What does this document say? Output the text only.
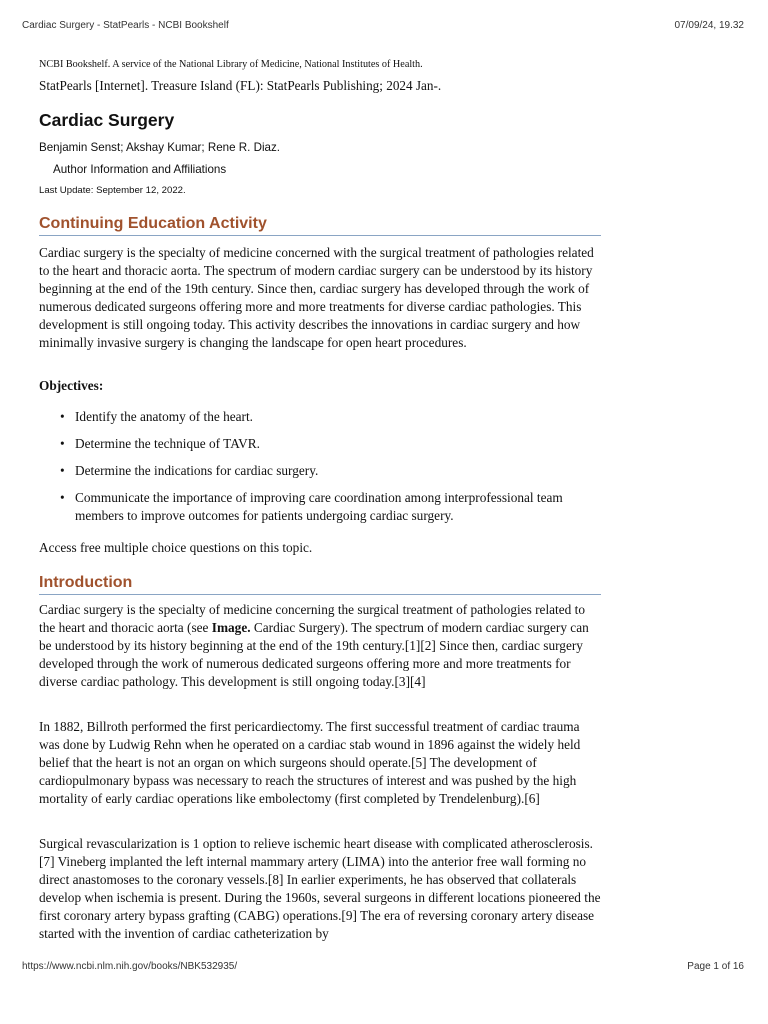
Cardiac Surgery - StatPearls - NCBI Bookshelf	07/09/24, 19.32
NCBI Bookshelf. A service of the National Library of Medicine, National Institutes of Health.
StatPearls [Internet]. Treasure Island (FL): StatPearls Publishing; 2024 Jan-.
Cardiac Surgery
Benjamin Senst; Akshay Kumar; Rene R. Diaz.
Author Information and Affiliations
Last Update: September 12, 2022.
Continuing Education Activity

Cardiac surgery is the specialty of medicine concerned with the surgical treatment of pathologies related to the heart and thoracic aorta. The spectrum of modern cardiac surgery can be understood by its history beginning at the end of the 19th century. Since then, cardiac surgery has developed through the work of numerous dedicated surgeons offering more and more treatments for diverse cardiac pathologies. This development is still ongoing today. This activity describes the innovations in cardiac surgery and how minimally invasive surgery is changing the landscape for open heart procedures.

Objectives:
• Identify the anatomy of the heart.
• Determine the technique of TAVR.
• Determine the indications for cardiac surgery.
• Communicate the importance of improving care coordination among interprofessional team members to improve outcomes for patients undergoing cardiac surgery.
Access free multiple choice questions on this topic.
Introduction

Cardiac surgery is the specialty of medicine concerning the surgical treatment of pathologies related to the heart and thoracic aorta (see Image. Cardiac Surgery). The spectrum of modern cardiac surgery can be understood by its history beginning at the end of the 19th century.[1][2] Since then, cardiac surgery developed through the work of numerous dedicated surgeons offering more and more treatments for diverse cardiac pathology. This development is still ongoing today.[3][4]

In 1882, Billroth performed the first pericardiectomy. The first successful treatment of cardiac trauma was done by Ludwig Rehn when he operated on a cardiac stab wound in 1896 against the widely held belief that the heart is not an organ on which surgeons should operate.[5] The development of cardiopulmonary bypass was necessary to reach the structures of interest and was pushed by the high mortality of early cardiac operations like embolectomy (first completed by Trendelenburg).[6]

Surgical revascularization is 1 option to relieve ischemic heart disease with complicated atherosclerosis.[7] Vineberg implanted the left internal mammary artery (LIMA) into the anterior free wall forming no direct anastomoses to the coronary vessels.[8] In earlier experiments, he has observed that collaterals develop when ischemia is present. During the 1960s, several surgeons in different locations pioneered the first coronary artery bypass grafting (CABG) operations.[9] The era of reversing coronary artery disease started with the invention of cardiac catheterization by

https://www.ncbi.nlm.nih.gov/books/NBK532935/	Page 1 of 16
